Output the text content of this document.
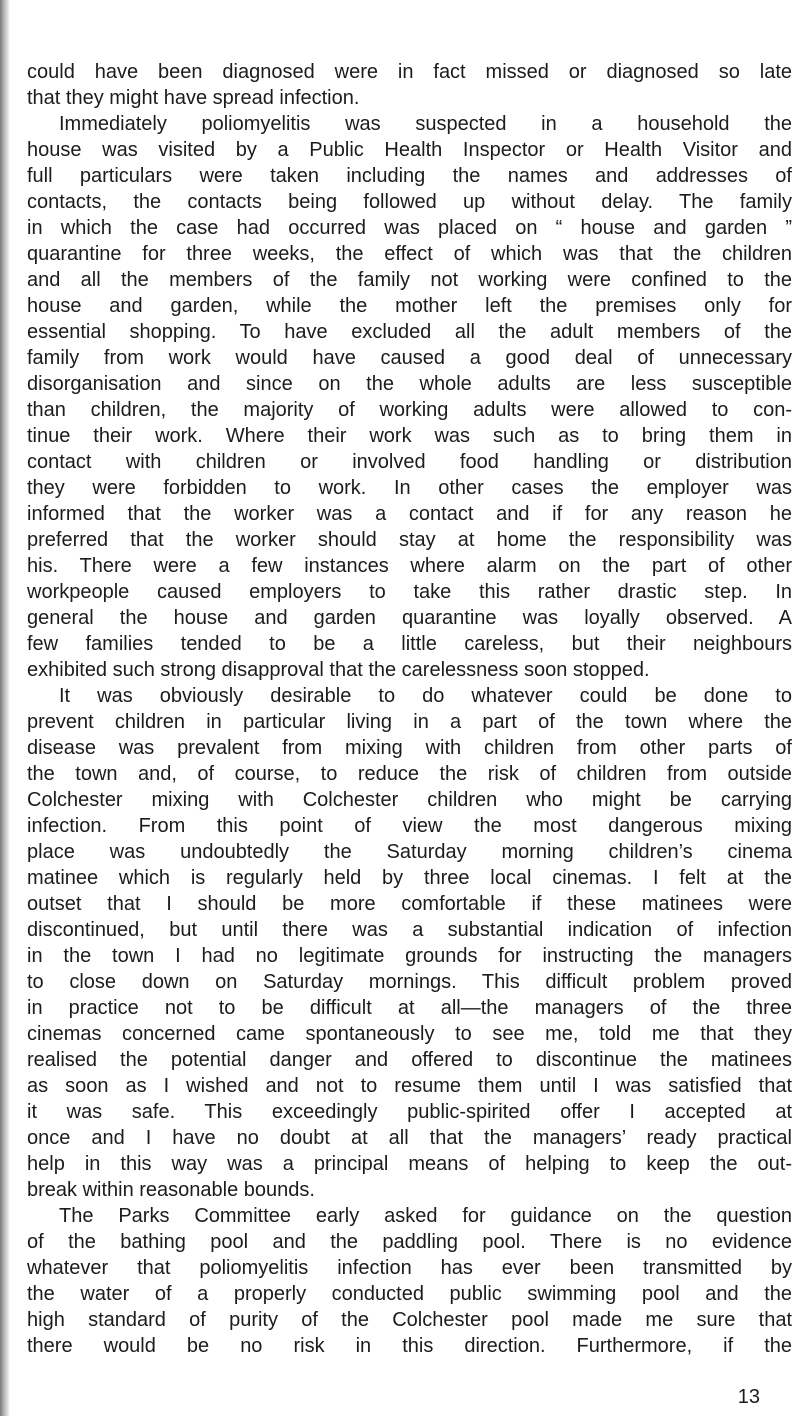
could have been diagnosed were in fact missed or diagnosed so late
that they might have spread infection.
Immediately poliomyelitis was suspected in a household the
house was visited by a Public Health Inspector or Health Visitor and
full particulars were taken including the names and addresses of
contacts, the contacts being followed up without delay. The family
in which the case had occurred was placed on “ house and garden ”
quarantine for three weeks, the effect of which was that the children
and all the members of the family not working were confined to the
house and garden, while the mother left the premises only for
essential shopping. To have excluded all the adult members of the
family from work would have caused a good deal of unnecessary
disorganisation and since on the whole adults are less susceptible
than children, the majority of working adults were allowed to con-
tinue their work. Where their work was such as to bring them in
contact with children or involved food handling or distribution
they were forbidden to work. In other cases the employer was
informed that the worker was a contact and if for any reason he
preferred that the worker should stay at home the responsibility was
his. There were a few instances where alarm on the part of other
workpeople caused employers to take this rather drastic step. In
general the house and garden quarantine was loyally observed. A
few families tended to be a little careless, but their neighbours
exhibited such strong disapproval that the carelessness soon stopped.
It was obviously desirable to do whatever could be done to
prevent children in particular living in a part of the town where the
disease was prevalent from mixing with children from other parts of
the town and, of course, to reduce the risk of children from outside
Colchester mixing with Colchester children who might be carrying
infection. From this point of view the most dangerous mixing
place was undoubtedly the Saturday morning children’s cinema
matinee which is regularly held by three local cinemas. I felt at the
outset that I should be more comfortable if these matinees were
discontinued, but until there was a substantial indication of infection
in the town I had no legitimate grounds for instructing the managers
to close down on Saturday mornings. This difficult problem proved
in practice not to be difficult at all—the managers of the three
cinemas concerned came spontaneously to see me, told me that they
realised the potential danger and offered to discontinue the matinees
as soon as I wished and not to resume them until I was satisfied that
it was safe. This exceedingly public-spirited offer I accepted at
once and I have no doubt at all that the managers’ ready practical
help in this way was a principal means of helping to keep the out-
break within reasonable bounds.
The Parks Committee early asked for guidance on the question
of the bathing pool and the paddling pool. There is no evidence
whatever that poliomyelitis infection has ever been transmitted by
the water of a properly conducted public swimming pool and the
high standard of purity of the Colchester pool made me sure that
there would be no risk in this direction. Furthermore, if the
13
